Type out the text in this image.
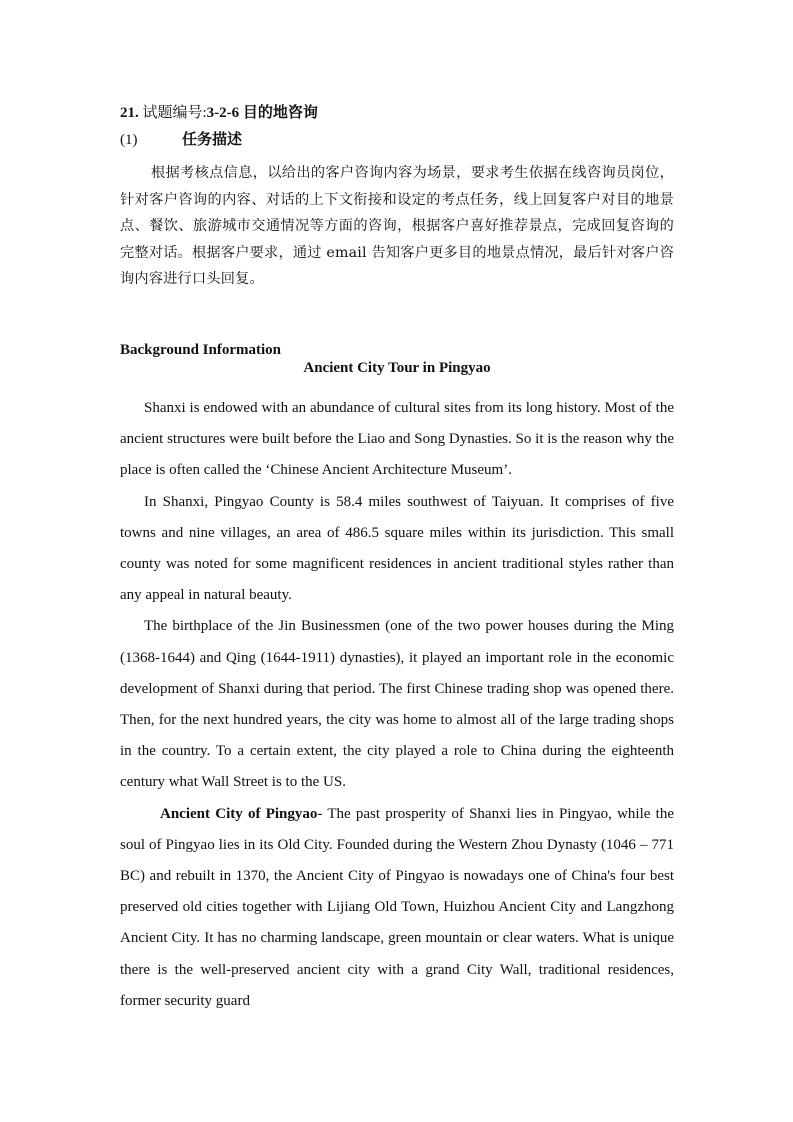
21. 试题编号:3-2-6 目的地咨询
(1)	任务描述
根据考核点信息，以给出的客户咨询内容为场景，要求考生依据在线咨询员岗位，针对客户咨询的内容、对话的上下文衔接和设定的考点任务，线上回复客户对目的地景点、餐饮、旅游城市交通情况等方面的咨询，根据客户喜好推荐景点，完成回复咨询的完整对话。根据客户要求，通过 email 告知客户更多目的地景点情况，最后针对客户咨询内容进行口头回复。
Background Information
Ancient City Tour in Pingyao

Shanxi is endowed with an abundance of cultural sites from its long history. Most of the ancient structures were built before the Liao and Song Dynasties. So it is the reason why the place is often called the ‘Chinese Ancient Architecture Museum’.

In Shanxi, Pingyao County is 58.4 miles southwest of Taiyuan. It comprises of five towns and nine villages, an area of 486.5 square miles within its jurisdiction. This small county was noted for some magnificent residences in ancient traditional styles rather than any appeal in natural beauty.

The birthplace of the Jin Businessmen (one of the two power houses during the Ming (1368-1644) and Qing (1644-1911) dynasties), it played an important role in the economic development of Shanxi during that period. The first Chinese trading shop was opened there. Then, for the next hundred years, the city was home to almost all of the large trading shops in the country. To a certain extent, the city played a role to China during the eighteenth century what Wall Street is to the US.

Ancient City of Pingyao- The past prosperity of Shanxi lies in Pingyao, while the soul of Pingyao lies in its Old City. Founded during the Western Zhou Dynasty (1046 – 771 BC) and rebuilt in 1370, the Ancient City of Pingyao is nowadays one of China's four best preserved old cities together with Lijiang Old Town, Huizhou Ancient City and Langzhong Ancient City. It has no charming landscape, green mountain or clear waters. What is unique there is the well-preserved ancient city with a grand City Wall, traditional residences, former security guard
